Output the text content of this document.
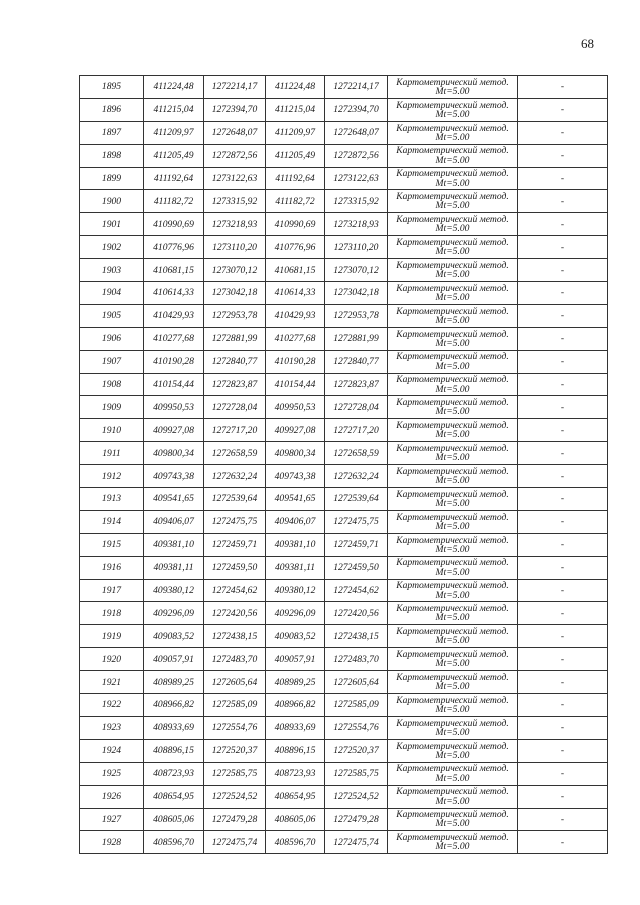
68
1895	411224,48	1272214,17	411224,48	1272214,17	Картометрический метод.
Mt=5.00	-
1896	411215,04	1272394,70	411215,04	1272394,70	Картометрический метод.
Mt=5.00	-
1897	411209,97	1272648,07	411209,97	1272648,07	Картометрический метод.
Mt=5.00	-
1898	411205,49	1272872,56	411205,49	1272872,56	Картометрический метод.
Mt=5.00	-
1899	411192,64	1273122,63	411192,64	1273122,63	Картометрический метод.
Mt=5.00	-
1900	411182,72	1273315,92	411182,72	1273315,92	Картометрический метод.
Mt=5.00	-
1901	410990,69	1273218,93	410990,69	1273218,93	Картометрический метод.
Mt=5.00	-
1902	410776,96	1273110,20	410776,96	1273110,20	Картометрический метод.
Mt=5.00	-
1903	410681,15	1273070,12	410681,15	1273070,12	Картометрический метод.
Mt=5.00	-
1904	410614,33	1273042,18	410614,33	1273042,18	Картометрический метод.
Mt=5.00	-
1905	410429,93	1272953,78	410429,93	1272953,78	Картометрический метод.
Mt=5.00	-
1906	410277,68	1272881,99	410277,68	1272881,99	Картометрический метод.
Mt=5.00	-
1907	410190,28	1272840,77	410190,28	1272840,77	Картометрический метод.
Mt=5.00	-
1908	410154,44	1272823,87	410154,44	1272823,87	Картометрический метод.
Mt=5.00	-
1909	409950,53	1272728,04	409950,53	1272728,04	Картометрический метод.
Mt=5.00	-
1910	409927,08	1272717,20	409927,08	1272717,20	Картометрический метод.
Mt=5.00	-
1911	409800,34	1272658,59	409800,34	1272658,59	Картометрический метод.
Mt=5.00	-
1912	409743,38	1272632,24	409743,38	1272632,24	Картометрический метод.
Mt=5.00	-
1913	409541,65	1272539,64	409541,65	1272539,64	Картометрический метод.
Mt=5.00	-
1914	409406,07	1272475,75	409406,07	1272475,75	Картометрический метод.
Mt=5.00	-
1915	409381,10	1272459,71	409381,10	1272459,71	Картометрический метод.
Mt=5.00	-
1916	409381,11	1272459,50	409381,11	1272459,50	Картометрический метод.
Mt=5.00	-
1917	409380,12	1272454,62	409380,12	1272454,62	Картометрический метод.
Mt=5.00	-
1918	409296,09	1272420,56	409296,09	1272420,56	Картометрический метод.
Mt=5.00	-
1919	409083,52	1272438,15	409083,52	1272438,15	Картометрический метод.
Mt=5.00	-
1920	409057,91	1272483,70	409057,91	1272483,70	Картометрический метод.
Mt=5.00	-
1921	408989,25	1272605,64	408989,25	1272605,64	Картометрический метод.
Mt=5.00	-
1922	408966,82	1272585,09	408966,82	1272585,09	Картометрический метод.
Mt=5.00	-
1923	408933,69	1272554,76	408933,69	1272554,76	Картометрический метод.
Mt=5.00	-
1924	408896,15	1272520,37	408896,15	1272520,37	Картометрический метод.
Mt=5.00	-
1925	408723,93	1272585,75	408723,93	1272585,75	Картометрический метод.
Mt=5.00	-
1926	408654,95	1272524,52	408654,95	1272524,52	Картометрический метод.
Mt=5.00	-
1927	408605,06	1272479,28	408605,06	1272479,28	Картометрический метод.
Mt=5.00	-
1928	408596,70	1272475,74	408596,70	1272475,74	Картометрический метод.
Mt=5.00	-
